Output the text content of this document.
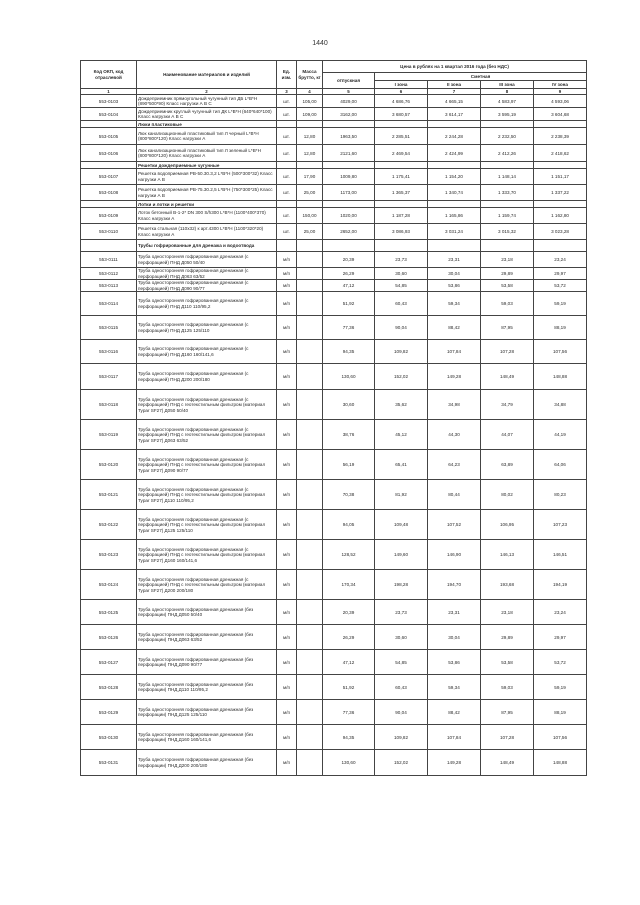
1440
Код ОКП, код отраслевой	Наименование материалов и изделий	Ед. изм.	Масса брутто, кг	Цена в рублях на 1 квартал 2016 года (без НДС)				
				отпускная	Сметная			
					I зона	II зона	III зона	IV зона
1	2	3	4	5	6	7	8	9
553-0103	Дождеприемник прямоугольный чугунный тип ДБ L*B*H (890*500*90) Класс нагрузки А В С	шт.	105,00	4029,00	4 686,76	4 665,15	4 583,97	4 593,06
553-0104	Дождеприемник круглый чугунный тип ДК L*B*H (640*640*100) Класс нагрузки А В С	шт.	109,00	3162,00	3 680,57	3 614,17	3 595,19	3 604,68
	Люки пластиковые							
553-0105	Люк канализационный пластиковый тип Л черный L*B*H (800*800*120) Класс нагрузки А	шт.	12,80	1963,50	2 285,51	2 244,28	2 232,50	2 238,39
553-0106	Люк канализационный пластиковый тип Л зеленый L*B*H (800*800*120) Класс нагрузки А	шт.	12,80	2121,60	2 469,54	2 424,99	2 412,26	2 418,62
	Решетки дождеприемные чугунные							
553-0107	Решетка водоприемная РВ-50.30.3,2 L*B*H (500*300*32) Класс нагрузки А В	шт.	17,90	1009,80	1 175,41	1 154,20	1 148,14	1 151,17
553-0108	Решетка водоприемная РВ-75.30.2,5 L*B*H (750*300*25) Класс нагрузки А В	шт.	25,00	1173,00	1 365,37	1 340,74	1 333,70	1 337,22
	Лотки и лотки и решетки							
553-0109	Лоток бетонный В-1-2* DN 300 S/h300 L*B*H (1100*400*370) Класс нагрузки А	шт.	150,00	1020,00	1 187,28	1 165,86	1 159,74	1 162,80
553-0110	Решетка стальная (110x32) к арт.4300 L*B*H (1100*320*20) Класс нагрузки А	шт.	25,00	2652,00	3 086,93	3 031,24	3 015,32	3 023,28
	Трубы гофрированные для дренажа и водоотвода							
553-0111	Труба односторонняя гофрированная дренажная (с перфорацией) ПНД Д050 50/40	м/п		20,39	23,73	23,31	23,18	23,24
553-0112	Труба односторонняя гофрированная дренажная (с перфорацией) ПНД Д063 63/52	м/п		26,29	30,60	30,04	29,89	29,97
553-0113	Труба односторонняя гофрированная дренажная (с перфорацией) ПНД Д090 90/77	м/п		47,12	54,85	53,86	53,58	53,72
553-0114	Труба односторонняя гофрированная дренажная (с перфорацией) ПНД Д110 110/95,2	м/п		51,92	60,43	59,34	59,03	59,19
553-0115	Труба односторонняя гофрированная дренажная (с перфорацией) ПНД Д125 125/110	м/п		77,36	90,04	88,42	87,95	88,19
553-0116	Труба односторонняя гофрированная дренажная (с перфорацией) ПНД Д160 160/141,6	м/п		94,35	109,82	107,84	107,28	107,56
553-0117	Труба односторонняя гофрированная дренажная (с перфорацией) ПНД Д200 200/180	м/п		130,60	152,02	149,28	148,49	148,88
553-0118	Труба односторонняя гофрированная дренажная (с перфорацией) ПНД с геотекстильным фильтром (материал Typar SF27) Д050 50/40	м/п		30,60	35,62	34,98	34,79	34,88
553-0119	Труба односторонняя гофрированная дренажная (с перфорацией) ПНД с геотекстильным фильтром (материал Typar SF27) Д063 63/52	м/п		38,76	45,12	44,30	44,07	44,19
553-0120	Труба односторонняя гофрированная дренажная (с перфорацией) ПНД с геотекстильным фильтром (материал Typar SF27) Д090 90/77	м/п		56,19	65,41	64,23	63,89	64,06
553-0121	Труба односторонняя гофрированная дренажная (с перфорацией) ПНД с геотекстильным фильтром (материал Typar SF27) Д110 110/95,2	м/п		70,38	81,92	80,44	80,02	80,23
553-0122	Труба односторонняя гофрированная дренажная (с перфорацией) ПНД с геотекстильным фильтром (материал Typar SF27) Д125 125/110	м/п		94,05	109,48	107,52	106,95	107,23
553-0123	Труба односторонняя гофрированная дренажная (с перфорацией) ПНД с геотекстильным фильтром (материал Typar SF27) Д160 160/141,6	м/п		128,52	149,60	146,90	146,13	146,51
553-0124	Труба односторонняя гофрированная дренажная (с перфорацией) ПНД с геотекстильным фильтром (материал Typar SF27) Д200 200/180	м/п		170,34	198,28	194,70	193,68	194,19
553-0125	Труба односторонняя гофрированная дренажная (без перфорации) ПНД Д050 50/40	м/п		20,39	23,73	23,31	23,18	23,24
553-0126	Труба односторонняя гофрированная дренажная (без перфорации) ПНД Д063 63/52	м/п		26,29	30,60	30,04	29,89	29,97
553-0127	Труба односторонняя гофрированная дренажная (без перфорации) ПНД Д090 90/77	м/п		47,12	54,85	53,86	53,58	53,72
553-0128	Труба односторонняя гофрированная дренажная (без перфорации) ПНД Д110 110/95,2	м/п		51,92	60,43	59,34	59,03	59,19
553-0129	Труба односторонняя гофрированная дренажная (без перфорации) ПНД Д125 125/110	м/п		77,36	90,04	88,42	87,95	88,19
553-0130	Труба односторонняя гофрированная дренажная (без перфорации) ПНД Д160 160/141,6	м/п		94,35	109,82	107,84	107,28	107,56
553-0131	Труба односторонняя гофрированная дренажная (без перфорации) ПНД Д200 200/180	м/п		130,60	152,02	149,28	148,49	148,88
